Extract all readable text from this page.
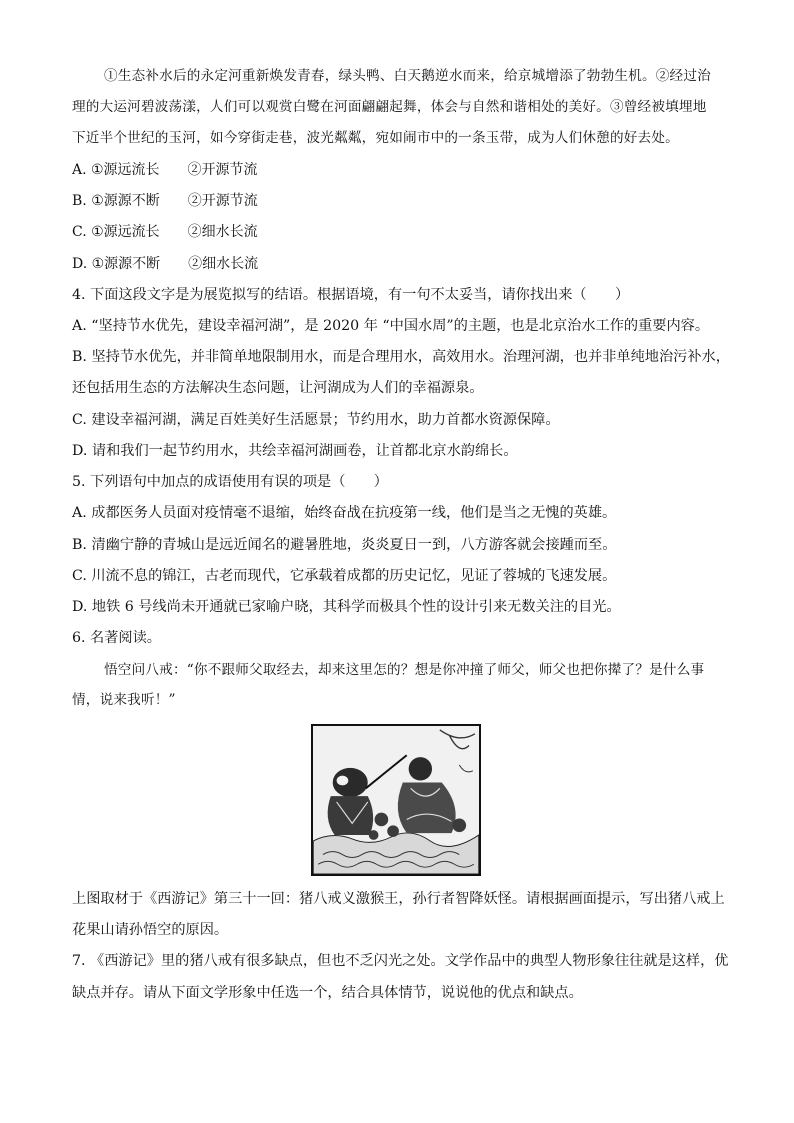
①生态补水后的永定河重新焕发青春，绿头鸭、白天鹅逆水而来，给京城增添了勃勃生机。②经过治
理的大运河碧波荡漾，人们可以观赏白鹭在河面翩翩起舞，体会与自然和谐相处的美好。③曾经被填埋地
下近半个世纪的玉河，如今穿街走巷，波光粼粼，宛如闹市中的一条玉带，成为人们休憩的好去处。
A. ①源远流长　　②开源节流
B. ①源源不断　　②开源节流
C. ①源远流长　　②细水长流
D. ①源源不断　　②细水长流
4. 下面这段文字是为展览拟写的结语。根据语境，有一句不太妥当，请你找出来（　　）
A. “坚持节水优先，建设幸福河湖”，是 2020 年 “中国水周”的主题，也是北京治水工作的重要内容。
B. 坚持节水优先，并非简单地限制用水，而是合理用水，高效用水。治理河湖，也并非单纯地治污补水，
还包括用生态的方法解决生态问题，让河湖成为人们的幸福源泉。
C. 建设幸福河湖，满足百姓美好生活愿景；节约用水，助力首都水资源保障。
D. 请和我们一起节约用水，共绘幸福河湖画卷，让首都北京水韵绵长。
5. 下列语句中加点的成语使用有误的项是（　　）
A. 成都医务人员面对疫情毫不退缩，始终奋战在抗疫第一线，他们是当之无愧的英雄。
B. 清幽宁静的青城山是远近闻名的避暑胜地，炎炎夏日一到，八方游客就会接踵而至。
C. 川流不息的锦江，古老而现代，它承载着成都的历史记忆，见证了蓉城的飞速发展。
D. 地铁 6 号线尚未开通就已家喻户晓，其科学而极具个性的设计引来无数关注的目光。
6. 名著阅读。
悟空问八戒：“你不跟师父取经去，却来这里怎的？想是你冲撞了师父，师父也把你撵了？是什么事
情，说来我听！”
上图取材于《西游记》第三十一回：猪八戒义激猴王，孙行者智降妖怪。请根据画面提示，写出猪八戒上
花果山请孙悟空的原因。
7. 《西游记》里的猪八戒有很多缺点，但也不乏闪光之处。文学作品中的典型人物形象往往就是这样，优
缺点并存。请从下面文学形象中任选一个，结合具体情节，说说他的优点和缺点。
